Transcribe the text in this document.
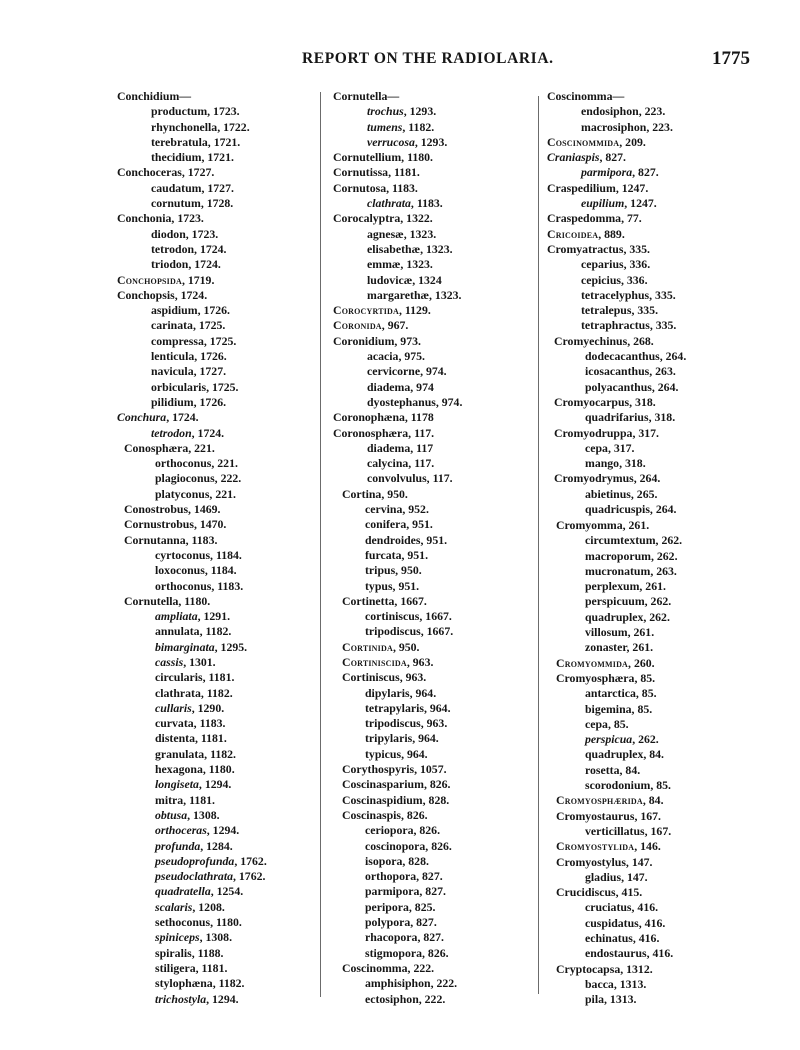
REPORT ON THE RADIOLARIA.	1775
Conchidium—
productum, 1723.
rhynchonella, 1722.
terebratula, 1721.
thecidium, 1721.
Conchoceras, 1727.
caudatum, 1727.
cornutum, 1728.
Conchonia, 1723.
diodon, 1723.
tetrodon, 1724.
triodon, 1724.
Conchopsida, 1719.
Conchopsis, 1724.
aspidium, 1726.
carinata, 1725.
compressa, 1725.
lenticula, 1726.
navicula, 1727.
orbicularis, 1725.
pilidium, 1726.
Conchura, 1724.
tetrodon, 1724.
Conosphæra, 221.
orthoconus, 221.
plagioconus, 222.
platyconus, 221.
Conostrobus, 1469.
Cornustrobus, 1470.
Cornutanna, 1183.
cyrtoconus, 1184.
loxoconus, 1184.
orthoconus, 1183.
Cornutella, 1180.
ampliata, 1291.
annulata, 1182.
bimarginata, 1295.
cassis, 1301.
circularis, 1181.
clathrata, 1182.
cullaris, 1290.
curvata, 1183.
distenta, 1181.
granulata, 1182.
hexagona, 1180.
longiseta, 1294.
mitra, 1181.
obtusa, 1308.
orthoceras, 1294.
profunda, 1284.
pseudoprofunda, 1762.
pseudoclathrata, 1762.
quadratella, 1254.
scalaris, 1208.
sethoconus, 1180.
spiniceps, 1308.
spiralis, 1188.
stiligera, 1181.
stylophæna, 1182.
trichostyla, 1294.
Cornutella—
trochus, 1293.
tumens, 1182.
verrucosa, 1293.
Cornutellium, 1180.
Cornutissa, 1181.
Cornutosa, 1183.
clathrata, 1183.
Corocalyptra, 1322.
agnesæ, 1323.
elisabethæ, 1323.
emmæ, 1323.
ludovicæ, 1324
margarethæ, 1323.
Corocyrtida, 1129.
Coronida, 967.
Coronidium, 973.
acacia, 975.
cervicorne, 974.
diadema, 974
dyostephanus, 974.
Coronophæna, 1178
Coronosphæra, 117.
diadema, 117
calycina, 117.
convolvulus, 117.
Cortina, 950.
cervina, 952.
conifera, 951.
dendroides, 951.
furcata, 951.
tripus, 950.
typus, 951.
Cortinetta, 1667.
cortiniscus, 1667.
tripodiscus, 1667.
Cortinida, 950.
Cortiniscida, 963.
Cortiniscus, 963.
dipylaris, 964.
tetrapylaris, 964.
tripodiscus, 963.
tripylaris, 964.
typicus, 964.
Corythospyris, 1057.
Coscinasparium, 826.
Coscinaspidium, 828.
Coscinaspis, 826.
ceriopora, 826.
coscinopora, 826.
isopora, 828.
orthopora, 827.
parmipora, 827.
peripora, 825.
polypora, 827.
rhacopora, 827.
stigmopora, 826.
Coscinomma, 222.
amphisiphon, 222.
ectosiphon, 222.
Coscinomma—
endosiphon, 223.
macrosiphon, 223.
Coscinommida, 209.
Craniaspis, 827.
parmipora, 827.
Craspedilium, 1247.
eupilium, 1247.
Craspedomma, 77.
Cricoidea, 889.
Cromyatractus, 335.
ceparius, 336.
cepicius, 336.
tetracelyphus, 335.
tetralepus, 335.
tetraphractus, 335.
Cromyechinus, 268.
dodecacanthus, 264.
icosacanthus, 263.
polyacanthus, 264.
Cromyocarpus, 318.
quadrifarius, 318.
Cromyodruppa, 317.
cepa, 317.
mango, 318.
Cromyodrymus, 264.
abietinus, 265.
quadricuspis, 264.
Cromyomma, 261.
circumtextum, 262.
macroporum, 262.
mucronatum, 263.
perplexum, 261.
perspicuum, 262.
quadruplex, 262.
villosum, 261.
zonaster, 261.
Cromyommida, 260.
Cromyosphæra, 85.
antarctica, 85.
bigemina, 85.
cepa, 85.
perspicua, 262.
quadruplex, 84.
rosetta, 84.
scorodonium, 85.
Cromyosphærida, 84.
Cromyostaurus, 167.
verticillatus, 167.
Cromyostylida, 146.
Cromyostylus, 147.
gladius, 147.
Crucidiscus, 415.
cruciatus, 416.
cuspidatus, 416.
echinatus, 416.
endostaurus, 416.
Cryptocapsa, 1312.
bacca, 1313.
pila, 1313.
